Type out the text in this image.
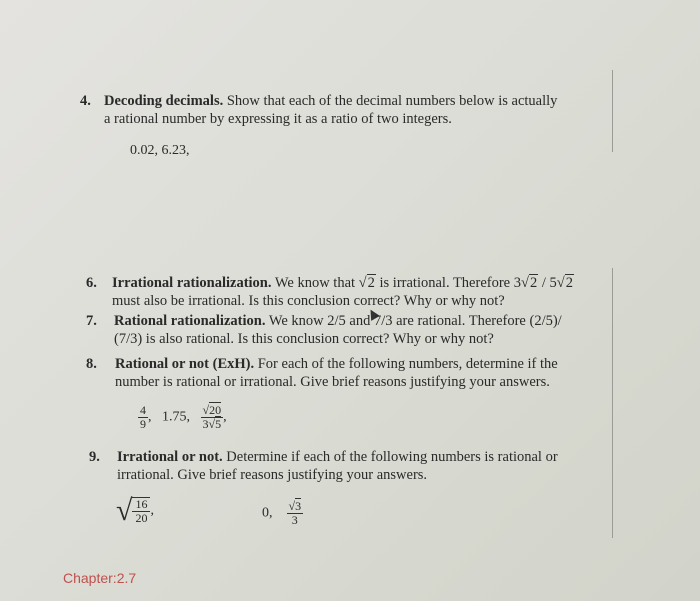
4. Decoding decimals. Show that each of the decimal numbers below is actually
a rational number by expressing it as a ratio of two integers.
0.02, 6.23,
6. Irrational rationalization. We know that √2 is irrational. Therefore 3√2 / 5√2
must also be irrational. Is this conclusion correct? Why or why not?
7. Rational rationalization. We know 2/5 and 7/3 are rational. Therefore (2/5)/
(7/3) is also rational. Is this conclusion correct? Why or why not?
8. Rational or not (ExH). For each of the following numbers, determine if the
number is rational or irrational. Give brief reasons justifying your answers.
$\frac{4}{9}$ ,   1.75, $\frac{√20}{3√5}$ ,
9. Irrational or not. Determine if each of the following numbers is rational or
irrational. Give brief reasons justifying your answers.
√ $\frac{16}{20}$ ,	0, $\frac{√3}{3}$
Chapter:2.7
